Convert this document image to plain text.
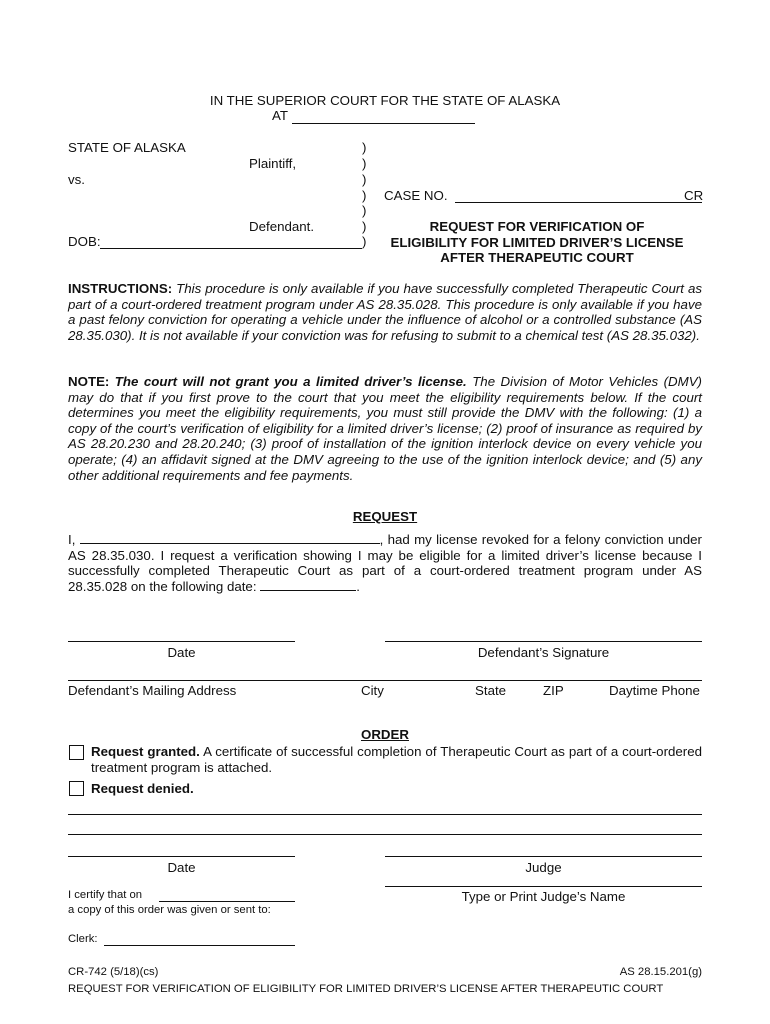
IN THE SUPERIOR COURT FOR THE STATE OF ALASKA
AT
STATE OF ALASKA
Plaintiff,
vs.
Defendant.
DOB:
)
)
)
)
)
)
)
CASE NO.	CR
REQUEST FOR VERIFICATION OF
ELIGIBILITY FOR LIMITED DRIVER’S LICENSE
AFTER THERAPEUTIC COURT
INSTRUCTIONS: This procedure is only available if you have successfully completed Therapeutic Court as part of a court-ordered treatment program under AS 28.35.028. This procedure is only available if you have a past felony conviction for operating a vehicle under the influence of alcohol or a controlled substance (AS 28.35.030). It is not available if your conviction was for refusing to submit to a chemical test (AS 28.35.032).
NOTE: The court will not grant you a limited driver’s license. The Division of Motor Vehicles (DMV) may do that if you first prove to the court that you meet the eligibility requirements below. If the court determines you meet the eligibility requirements, you must still provide the DMV with the following: (1) a copy of the court’s verification of eligibility for a limited driver’s license; (2) proof of insurance as required by AS 28.20.230 and 28.20.240; (3) proof of installation of the ignition interlock device on every vehicle you operate; (4) an affidavit signed at the DMV agreeing to the use of the ignition interlock device; and (5) any other additional requirements and fee payments.
REQUEST
I,	, had my license revoked for a felony conviction under AS 28.35.030. I request a verification showing I may be eligible for a limited driver’s license because I successfully completed Therapeutic Court as part of a court-ordered treatment program under AS 28.35.028 on the following date:	.
Date	Defendant’s Signature
Defendant’s Mailing Address	City	State	ZIP	Daytime Phone
ORDER
Request granted. A certificate of successful completion of Therapeutic Court as part of a court-ordered treatment program is attached.
Request denied.
Date	Judge
Type or Print Judge’s Name
I certify that on
a copy of this order was given or sent to:
Clerk:
CR-742 (5/18)(cs)	AS 28.15.201(g)
REQUEST FOR VERIFICATION OF ELIGIBILITY FOR LIMITED DRIVER’S LICENSE AFTER THERAPEUTIC COURT
